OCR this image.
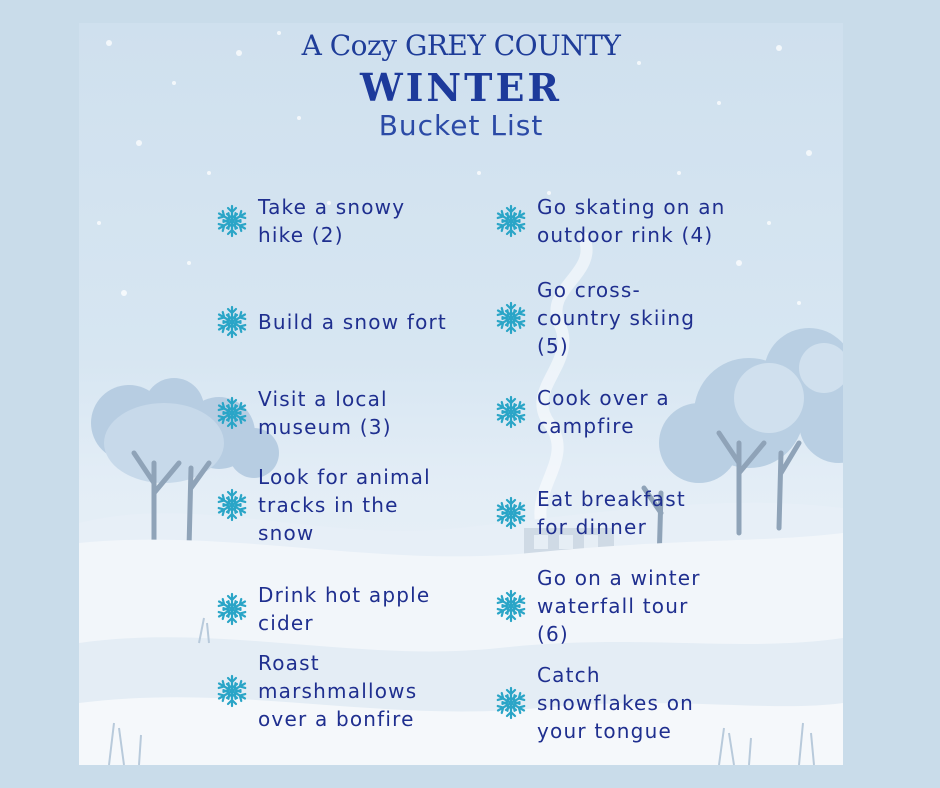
A Cozy GREY COUNTY
WINTER
Bucket List
Take a snowy
hike (2)
Build a snow fort
Visit a local
museum (3)
Look for animal
tracks in the
snow
Drink hot apple
cider
Roast
marshmallows
over a bonfire
Go skating on an
outdoor rink (4)
Go cross-
country skiing
(5)
Cook over a
campfire
Eat breakfast
for dinner
Go on a winter
waterfall tour
(6)
Catch
snowflakes on
your tongue
